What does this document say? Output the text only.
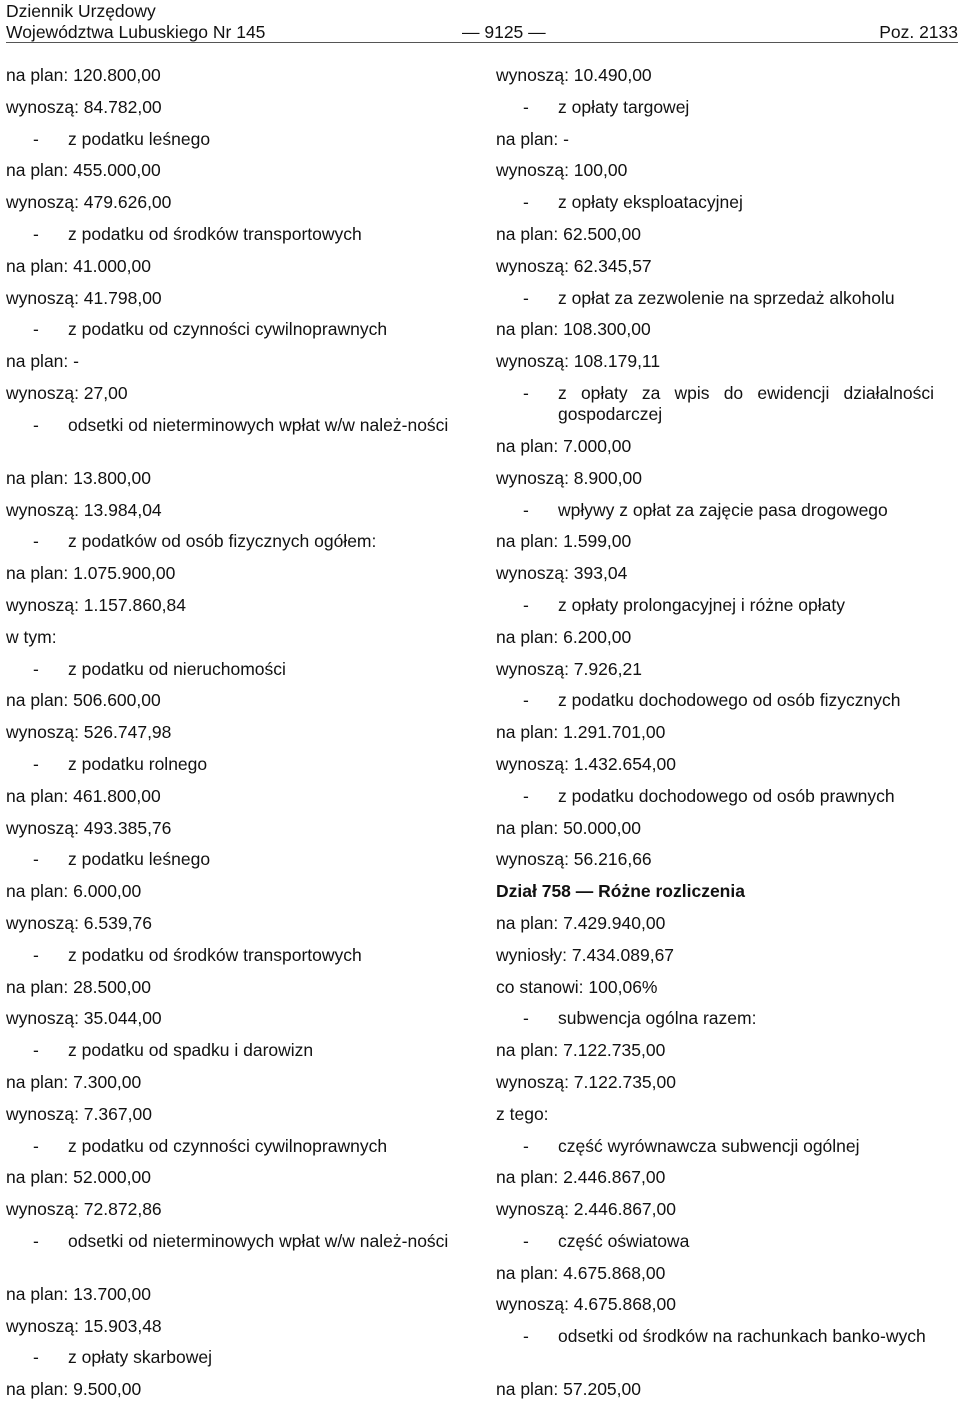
Dziennik Urzędowy
Województwa Lubuskiego Nr 145	— 9125 —	Poz. 2133
na plan: 120.800,00
wynoszą: 84.782,00
- z podatku leśnego
na plan: 455.000,00
wynoszą: 479.626,00
- z podatku od środków transportowych
na plan: 41.000,00
wynoszą: 41.798,00
- z podatku od czynności cywilnoprawnych
na plan: -
wynoszą: 27,00
- odsetki od nieterminowych wpłat w/w należ-ności
na plan: 13.800,00
wynoszą: 13.984,04
- z podatków od osób fizycznych ogółem:
na plan: 1.075.900,00
wynoszą: 1.157.860,84
w tym:
- z podatku od nieruchomości
na plan: 506.600,00
wynoszą: 526.747,98
- z podatku rolnego
na plan: 461.800,00
wynoszą: 493.385,76
- z podatku leśnego
na plan: 6.000,00
wynoszą: 6.539,76
- z podatku od środków transportowych
na plan: 28.500,00
wynoszą: 35.044,00
- z podatku od spadku i darowizn
na plan: 7.300,00
wynoszą: 7.367,00
- z podatku od czynności cywilnoprawnych
na plan: 52.000,00
wynoszą: 72.872,86
- odsetki od nieterminowych wpłat w/w należ-ności
na plan: 13.700,00
wynoszą: 15.903,48
- z opłaty skarbowej
na plan: 9.500,00
wynoszą: 10.490,00
- z opłaty targowej
na plan: -
wynoszą: 100,00
- z opłaty eksploatacyjnej
na plan: 62.500,00
wynoszą: 62.345,57
- z opłat za zezwolenie na sprzedaż alkoholu
na plan: 108.300,00
wynoszą: 108.179,11
- z opłaty za wpis do ewidencji działalności gospodarczej
na plan: 7.000,00
wynoszą: 8.900,00
- wpływy z opłat za zajęcie pasa drogowego
na plan: 1.599,00
wynoszą: 393,04
- z opłaty prolongacyjnej i różne opłaty
na plan: 6.200,00
wynoszą: 7.926,21
- z podatku dochodowego od osób fizycznych
na plan: 1.291.701,00
wynoszą: 1.432.654,00
- z podatku dochodowego od osób prawnych
na plan: 50.000,00
wynoszą: 56.216,66
Dział 758 — Różne rozliczenia
na plan: 7.429.940,00
wyniosły: 7.434.089,67
co stanowi: 100,06%
- subwencja ogólna razem:
na plan: 7.122.735,00
wynoszą: 7.122.735,00
z tego:
- część wyrównawcza subwencji ogólnej
na plan: 2.446.867,00
wynoszą: 2.446.867,00
- część oświatowa
na plan: 4.675.868,00
wynoszą: 4.675.868,00
- odsetki od środków na rachunkach banko-wych
na plan: 57.205,00
